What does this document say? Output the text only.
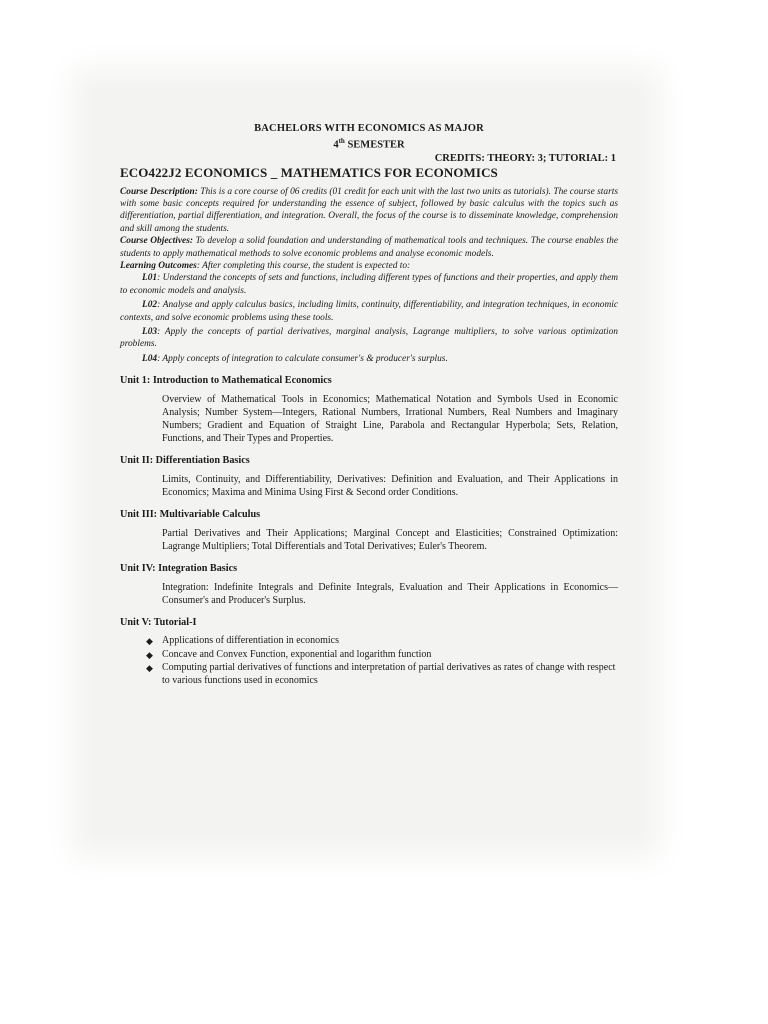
BACHELORS WITH ECONOMICS AS MAJOR

4th SEMESTER

CREDITS: THEORY: 3; TUTORIAL: 1

ECO422J2 ECONOMICS _ MATHEMATICS FOR ECONOMICS

Course Description: This is a core course of 06 credits (01 credit for each unit with the last two units as tutorials). The course starts with some basic concepts required for understanding the essence of subject, followed by basic calculus with the topics such as differentiation, partial differentiation, and integration. Overall, the focus of the course is to disseminate knowledge, comprehension and skill among the students.

Course Objectives: To develop a solid foundation and understanding of mathematical tools and techniques. The course enables the students to apply mathematical methods to solve economic problems and analyse economic models.

Learning Outcomes: After completing this course, the student is expected to:

L01: Understand the concepts of sets and functions, including different types of functions and their properties, and apply them to economic models and analysis.

L02: Analyse and apply calculus basics, including limits, continuity, differentiability, and integration techniques, in economic contexts, and solve economic problems using these tools.

L03: Apply the concepts of partial derivatives, marginal analysis, Lagrange multipliers, to solve various optimization problems.

L04: Apply concepts of integration to calculate consumer's & producer's surplus.

Unit 1: Introduction to Mathematical Economics

Overview of Mathematical Tools in Economics; Mathematical Notation and Symbols Used in Economic Analysis; Number System—Integers, Rational Numbers, Irrational Numbers, Real Numbers and Imaginary Numbers; Gradient and Equation of Straight Line, Parabola and Rectangular Hyperbola; Sets, Relation, Functions, and Their Types and Properties.

Unit II: Differentiation Basics

Limits, Continuity, and Differentiability, Derivatives: Definition and Evaluation, and Their Applications in Economics; Maxima and Minima Using First & Second order Conditions.

Unit III: Multivariable Calculus

Partial Derivatives and Their Applications; Marginal Concept and Elasticities; Constrained Optimization: Lagrange Multipliers; Total Differentials and Total Derivatives; Euler's Theorem.

Unit IV: Integration Basics

Integration: Indefinite Integrals and Definite Integrals, Evaluation and Their Applications in Economics—Consumer's and Producer's Surplus.

Unit V: Tutorial-I

◆ Applications of differentiation in economics
◆ Concave and Convex Function, exponential and logarithm function
◆ Computing partial derivatives of functions and interpretation of partial derivatives as rates of change with respect to various functions used in economics
